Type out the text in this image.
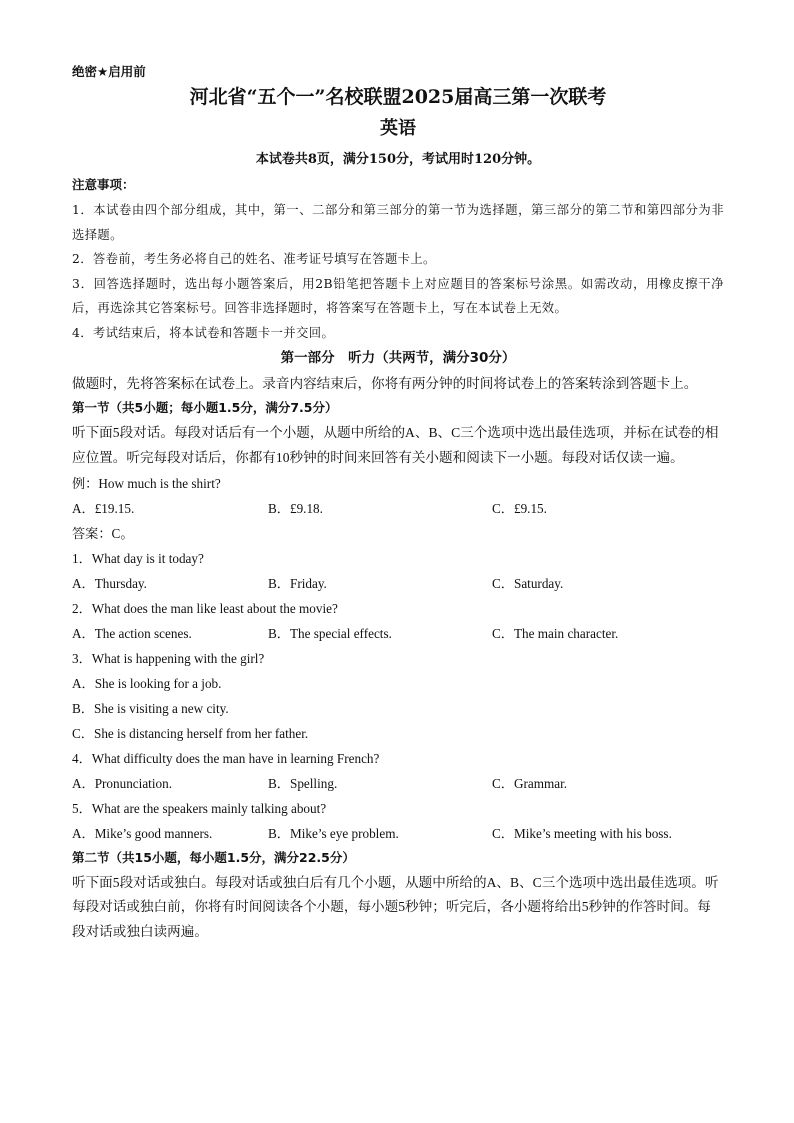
绝密★启用前
河北省“五个一”名校联盟2025届高三第一次联考
英语
本试卷共8页，满分150分，考试用时120分钟。
注意事项：

1．本试卷由四个部分组成，其中，第一、二部分和第三部分的第一节为选择题，第三部分的第二节和第四部分为非选择题。

2．答卷前，考生务必将自己的姓名、准考证号填写在答题卡上。

3．回答选择题时，选出每小题答案后，用2B铅笔把答题卡上对应题目的答案标号涂黑。如需改动，用橡皮擦干净后，再选涂其它答案标号。回答非选择题时，将答案写在答题卡上，写在本试卷上无效。

4．考试结束后，将本试卷和答题卡一并交回。

第一部分　听力（共两节，满分30分）

做题时，先将答案标在试卷上。录音内容结束后，你将有两分钟的时间将试卷上的答案转涂到答题卡上。

第一节（共5小题；每小题1.5分，满分7.5分）

听下面5段对话。每段对话后有一个小题，从题中所给的A、B、C三个选项中选出最佳选项，并标在试卷的相应位置。听完每段对话后，你都有10秒钟的时间来回答有关小题和阅读下一小题。每段对话仅读一遍。

例：How much is the shirt?
A．£19.15.	B．£9.18.	C．£9.15.
答案：C。
1．What day is it today?
A．Thursday.	B．Friday.	C．Saturday.
2．What does the man like least about the movie?
A．The action scenes.	B．The special effects.	C．The main character.
3．What is happening with the girl?
A．She is looking for a job.
B．She is visiting a new city.
C．She is distancing herself from her father.
4．What difficulty does the man have in learning French?
A．Pronunciation.	B．Spelling.	C．Grammar.
5．What are the speakers mainly talking about?
A．Mike’s good manners.	B．Mike’s eye problem.	C．Mike’s meeting with his boss.

第二节（共15小题，每小题1.5分，满分22.5分）

听下面5段对话或独白。每段对话或独白后有几个小题，从题中所给的A、B、C三个选项中选出最佳选项。听每段对话或独白前，你将有时间阅读各个小题，每小题5秒钟；听完后，各小题将给出5秒钟的作答时间。每段对话或独白读两遍。
